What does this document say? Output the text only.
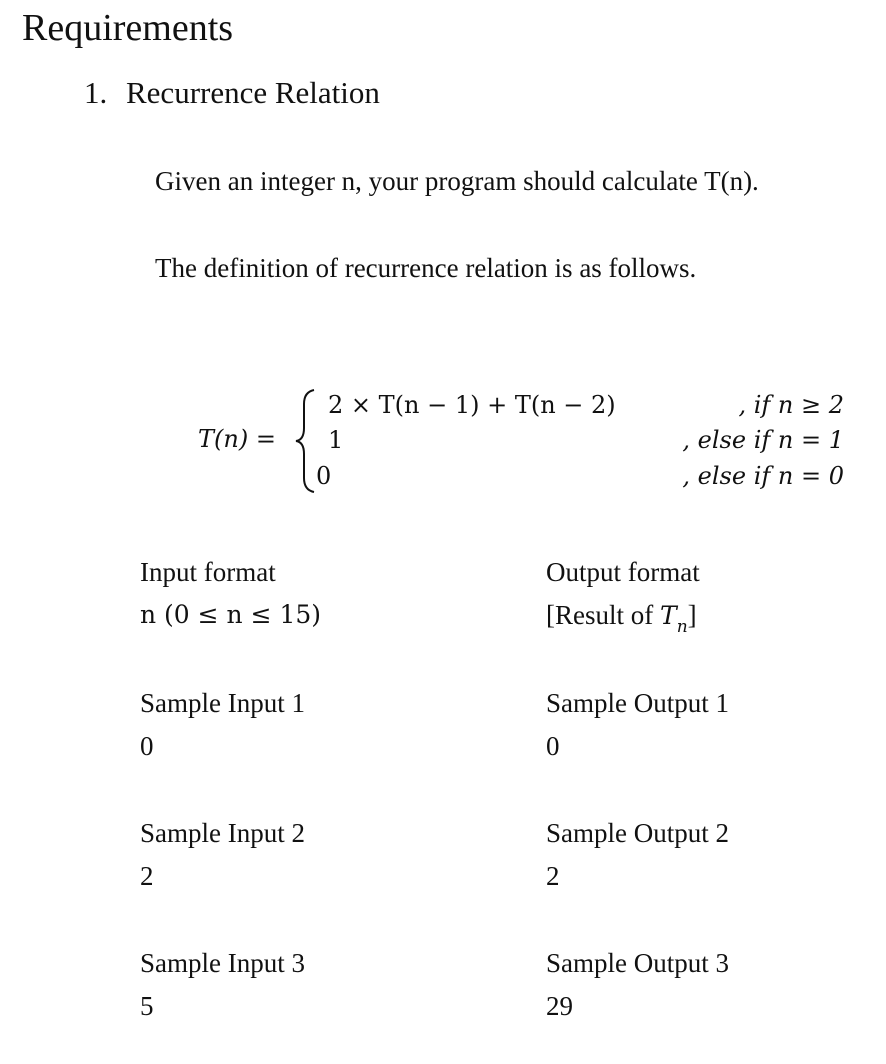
Requirements
1. Recurrence Relation
Given an integer n, your program should calculate T(n).
The definition of recurrence relation is as follows.
T(n) =
2 × T(n − 1) + T(n − 2)
1
0
, if n ≥ 2
, else if n = 1
, else if n = 0
Input format
n (0 ≤ n ≤ 15)
Output format
[Result of $T_n$]
Sample Input 1
0
Sample Output 1
0
Sample Input 2
2
Sample Output 2
2
Sample Input 3
5
Sample Output 3
29
